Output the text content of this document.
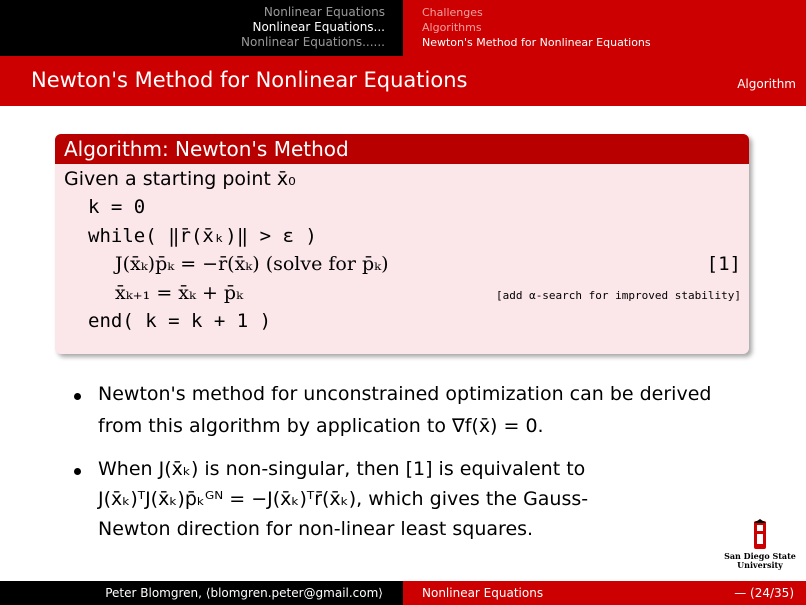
Nonlinear Equations
Nonlinear Equations...
Nonlinear Equations......
Challenges
Algorithms
Newton's Method for Nonlinear Equations
Newton's Method for Nonlinear Equations	Algorithm
Algorithm: Newton's Method
Given a starting point x̄₀
k = 0
while( ‖r̄(x̄ₖ)‖ > ε )
J(x̄ₖ)p̄ₖ = −r̄(x̄ₖ) (solve for p̄ₖ)	[1]
x̄ₖ₊₁ = x̄ₖ + p̄ₖ	[add α-search for improved stability]
end( k = k + 1 )
Newton's method for unconstrained optimization can be derived
from this algorithm by application to ∇f(x̄) = 0.
When J(x̄ₖ) is non-singular, then [1] is equivalent to
J(x̄ₖ)ᵀJ(x̄ₖ)p̄ₖᴳᴺ = −J(x̄ₖ)ᵀr̄(x̄ₖ), which gives the Gauss-
Newton direction for non-linear least squares.
San Diego State
University
Peter Blomgren, ⟨blomgren.peter@gmail.com⟩	Nonlinear Equations	— (24/35)
